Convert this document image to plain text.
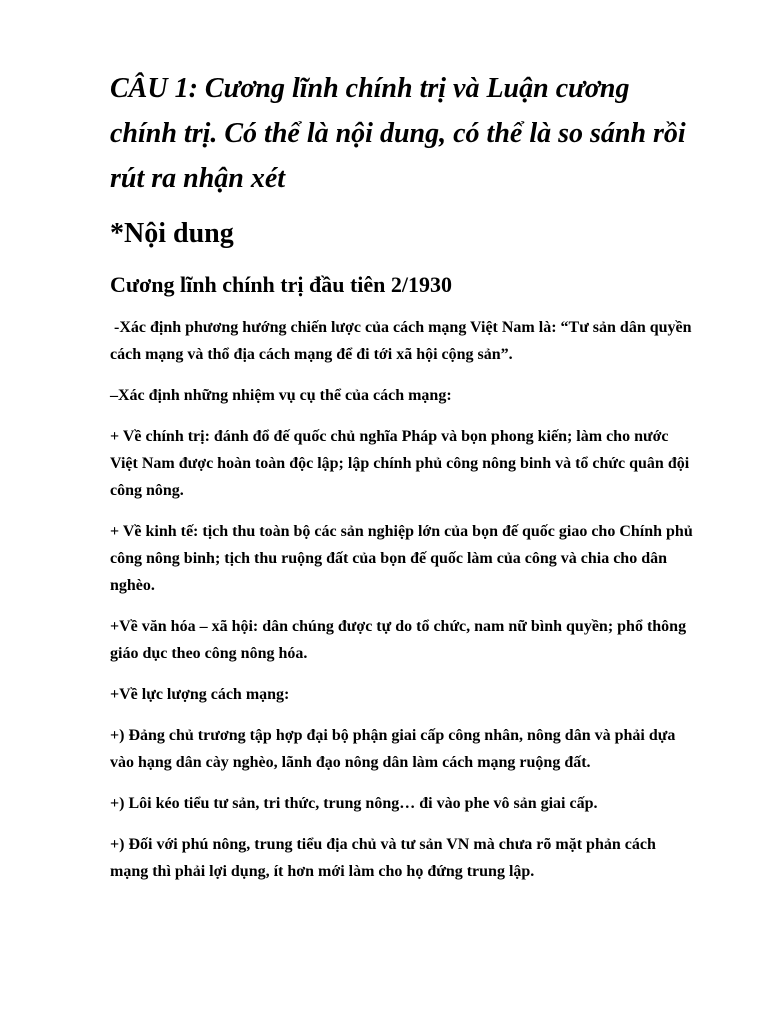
CÂU 1: Cương lĩnh chính trị và Luận cương chính trị. Có thể là nội dung, có thể là so sánh rồi rút ra nhận xét
*Nội dung
Cương lĩnh chính trị đầu tiên 2/1930
-Xác định phương hướng chiến lược của cách mạng Việt Nam là: “Tư sản dân quyền cách mạng và thổ địa cách mạng để đi tới xã hội cộng sản”.
–Xác định những nhiệm vụ cụ thể của cách mạng:
+ Về chính trị: đánh đổ đế quốc chủ nghĩa Pháp và bọn phong kiến; làm cho nước Việt Nam được hoàn toàn độc lập; lập chính phủ công nông binh và tổ chức quân đội công nông.
+ Về kinh tế: tịch thu toàn bộ các sản nghiệp lớn của bọn đế quốc giao cho Chính phủ công nông binh; tịch thu ruộng đất của bọn đế quốc làm của công và chia cho dân nghèo.
+Về văn hóa – xã hội: dân chúng được tự do tổ chức, nam nữ bình quyền; phổ thông giáo dục theo công nông hóa.
+Về lực lượng cách mạng:
+) Đảng chủ trương tập hợp đại bộ phận giai cấp công nhân, nông dân và phải dựa vào hạng dân cày nghèo, lãnh đạo nông dân làm cách mạng ruộng đất.
+) Lôi kéo tiểu tư sản, tri thức, trung nông… đi vào phe vô sản giai cấp.
+) Đối với phú nông, trung tiểu địa chủ và tư sản VN mà chưa rõ mặt phản cách mạng thì phải lợi dụng, ít hơn mới làm cho họ đứng trung lập.
